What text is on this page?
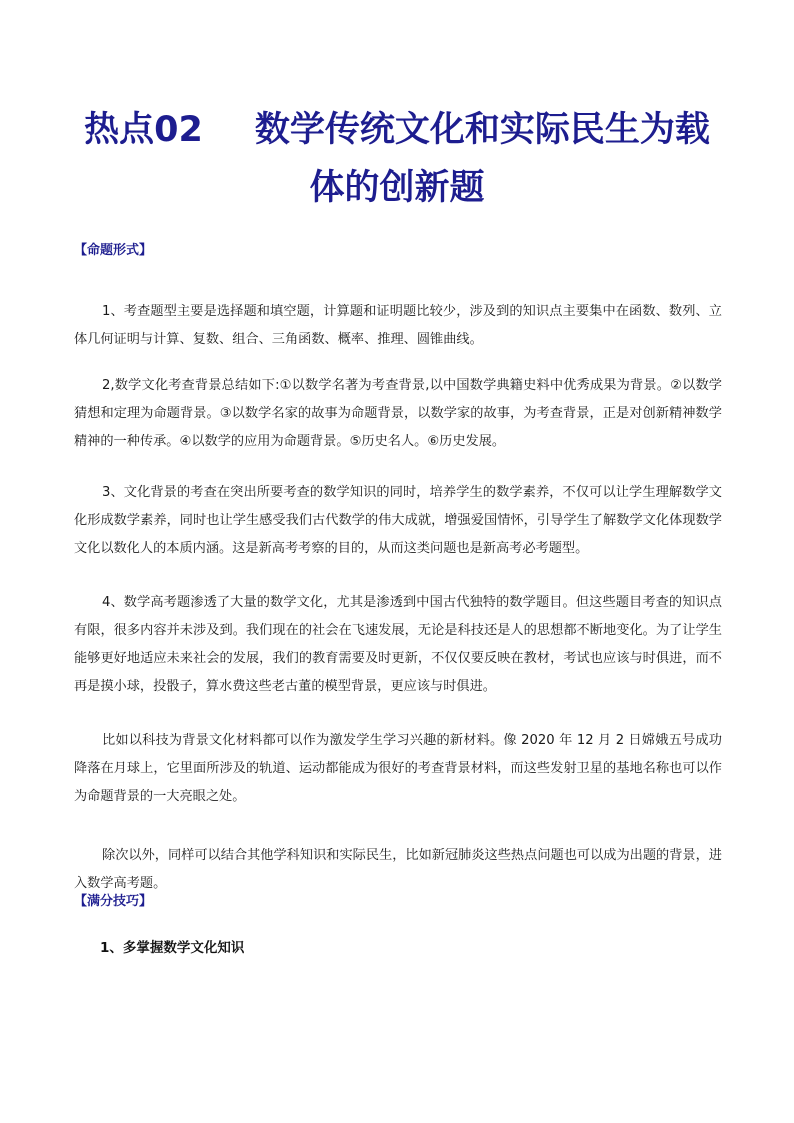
热点02 数学传统文化和实际民生为载
体的创新题
【命题形式】

1、考查题型主要是选择题和填空题，计算题和证明题比较少，涉及到的知识点主要集中在函数、数列、立体几何证明与计算、复数、组合、三角函数、概率、推理、圆锥曲线。

2,数学文化考查背景总结如下:①以数学名著为考查背景,以中国数学典籍史料中优秀成果为背景。②以数学猜想和定理为命题背景。③以数学名家的故事为命题背景，以数学家的故事，为考查背景，正是对创新精神数学精神的一种传承。④以数学的应用为命题背景。⑤历史名人。⑥历史发展。

3、文化背景的考查在突出所要考查的数学知识的同时，培养学生的数学素养，不仅可以让学生理解数学文化形成数学素养，同时也让学生感受我们古代数学的伟大成就，增强爱国情怀，引导学生了解数学文化体现数学文化以数化人的本质内涵。这是新高考考察的目的，从而这类问题也是新高考必考题型。

4、数学高考题渗透了大量的数学文化，尤其是渗透到中国古代独特的数学题目。但这些题目考查的知识点有限，很多内容并未涉及到。我们现在的社会在飞速发展，无论是科技还是人的思想都不断地变化。为了让学生能够更好地适应未来社会的发展，我们的教育需要及时更新，不仅仅要反映在教材，考试也应该与时俱进，而不再是摸小球，投骰子，算水费这些老古董的模型背景，更应该与时俱进。

比如以科技为背景文化材料都可以作为激发学生学习兴趣的新材料。像 2020 年 12 月 2 日嫦娥五号成功降落在月球上，它里面所涉及的轨道、运动都能成为很好的考查背景材料，而这些发射卫星的基地名称也可以作为命题背景的一大亮眼之处。

除次以外，同样可以结合其他学科知识和实际民生，比如新冠肺炎这些热点问题也可以成为出题的背景，进入数学高考题。

【满分技巧】
1、多掌握数学文化知识
